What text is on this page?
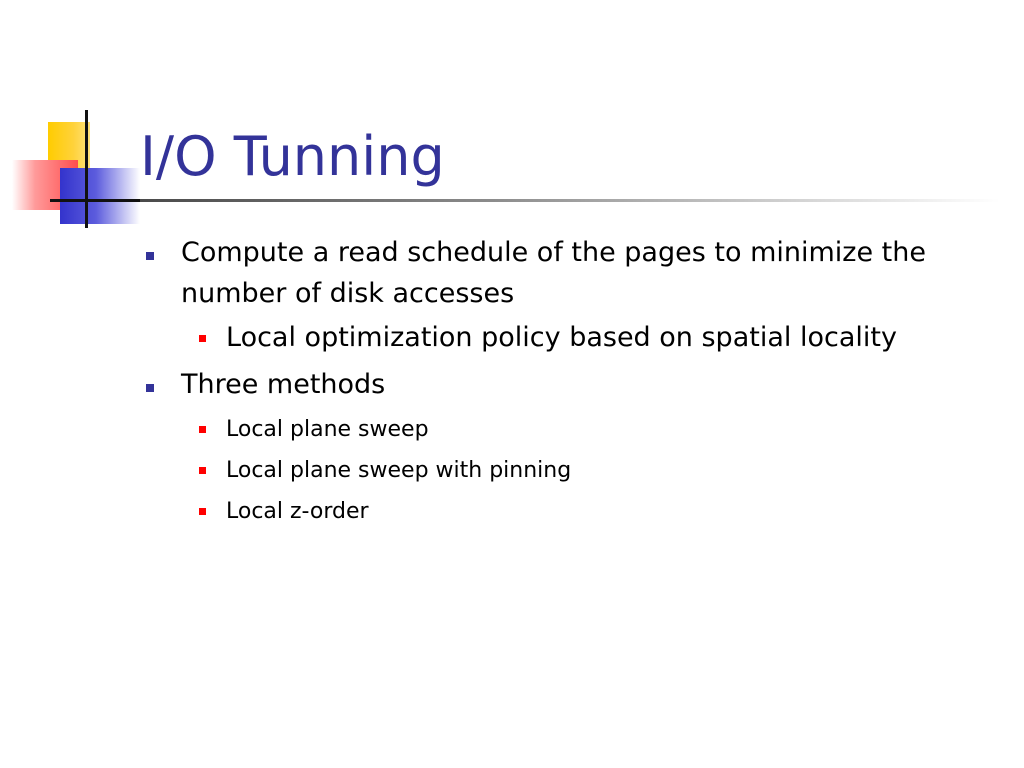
I/O Tunning
Compute a read schedule of the pages to minimize the number of disk accesses
Local optimization policy based on spatial locality
Three methods
Local plane sweep
Local plane sweep with pinning
Local z-order
